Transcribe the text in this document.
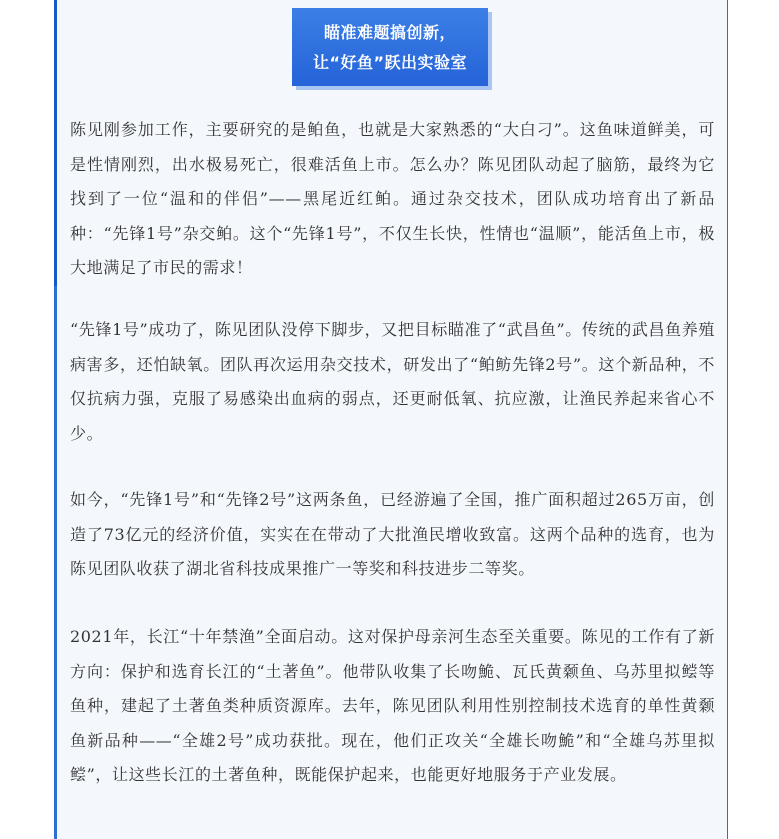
瞄准难题搞创新，
让“好鱼”跃出实验室

陈见刚参加工作，主要研究的是鲌鱼，也就是大家熟悉的“大白刁”。这鱼味道鲜美，可是性情刚烈，出水极易死亡，很难活鱼上市。怎么办？陈见团队动起了脑筋，最终为它找到了一位“温和的伴侣”——黑尾近红鲌。通过杂交技术，团队成功培育出了新品种：“先锋1号”杂交鲌。这个“先锋1号”，不仅生长快，性情也“温顺”，能活鱼上市，极大地满足了市民的需求！

“先锋1号”成功了，陈见团队没停下脚步，又把目标瞄准了“武昌鱼”。传统的武昌鱼养殖病害多，还怕缺氧。团队再次运用杂交技术，研发出了“鲌鲂先锋2号”。这个新品种，不仅抗病力强，克服了易感染出血病的弱点，还更耐低氧、抗应激，让渔民养起来省心不少。

如今，“先锋1号”和“先锋2号”这两条鱼，已经游遍了全国，推广面积超过265万亩，创造了73亿元的经济价值，实实在在带动了大批渔民增收致富。这两个品种的选育，也为陈见团队收获了湖北省科技成果推广一等奖和科技进步二等奖。

2021年，长江“十年禁渔”全面启动。这对保护母亲河生态至关重要。陈见的工作有了新方向：保护和选育长江的“土著鱼”。他带队收集了长吻鮠、瓦氏黄颡鱼、乌苏里拟鲿等鱼种，建起了土著鱼类种质资源库。去年，陈见团队利用性别控制技术选育的单性黄颡鱼新品种——“全雄2号”成功获批。现在，他们正攻关“全雄长吻鮠”和“全雄乌苏里拟鲿”，让这些长江的土著鱼种，既能保护起来，也能更好地服务于产业发展。
